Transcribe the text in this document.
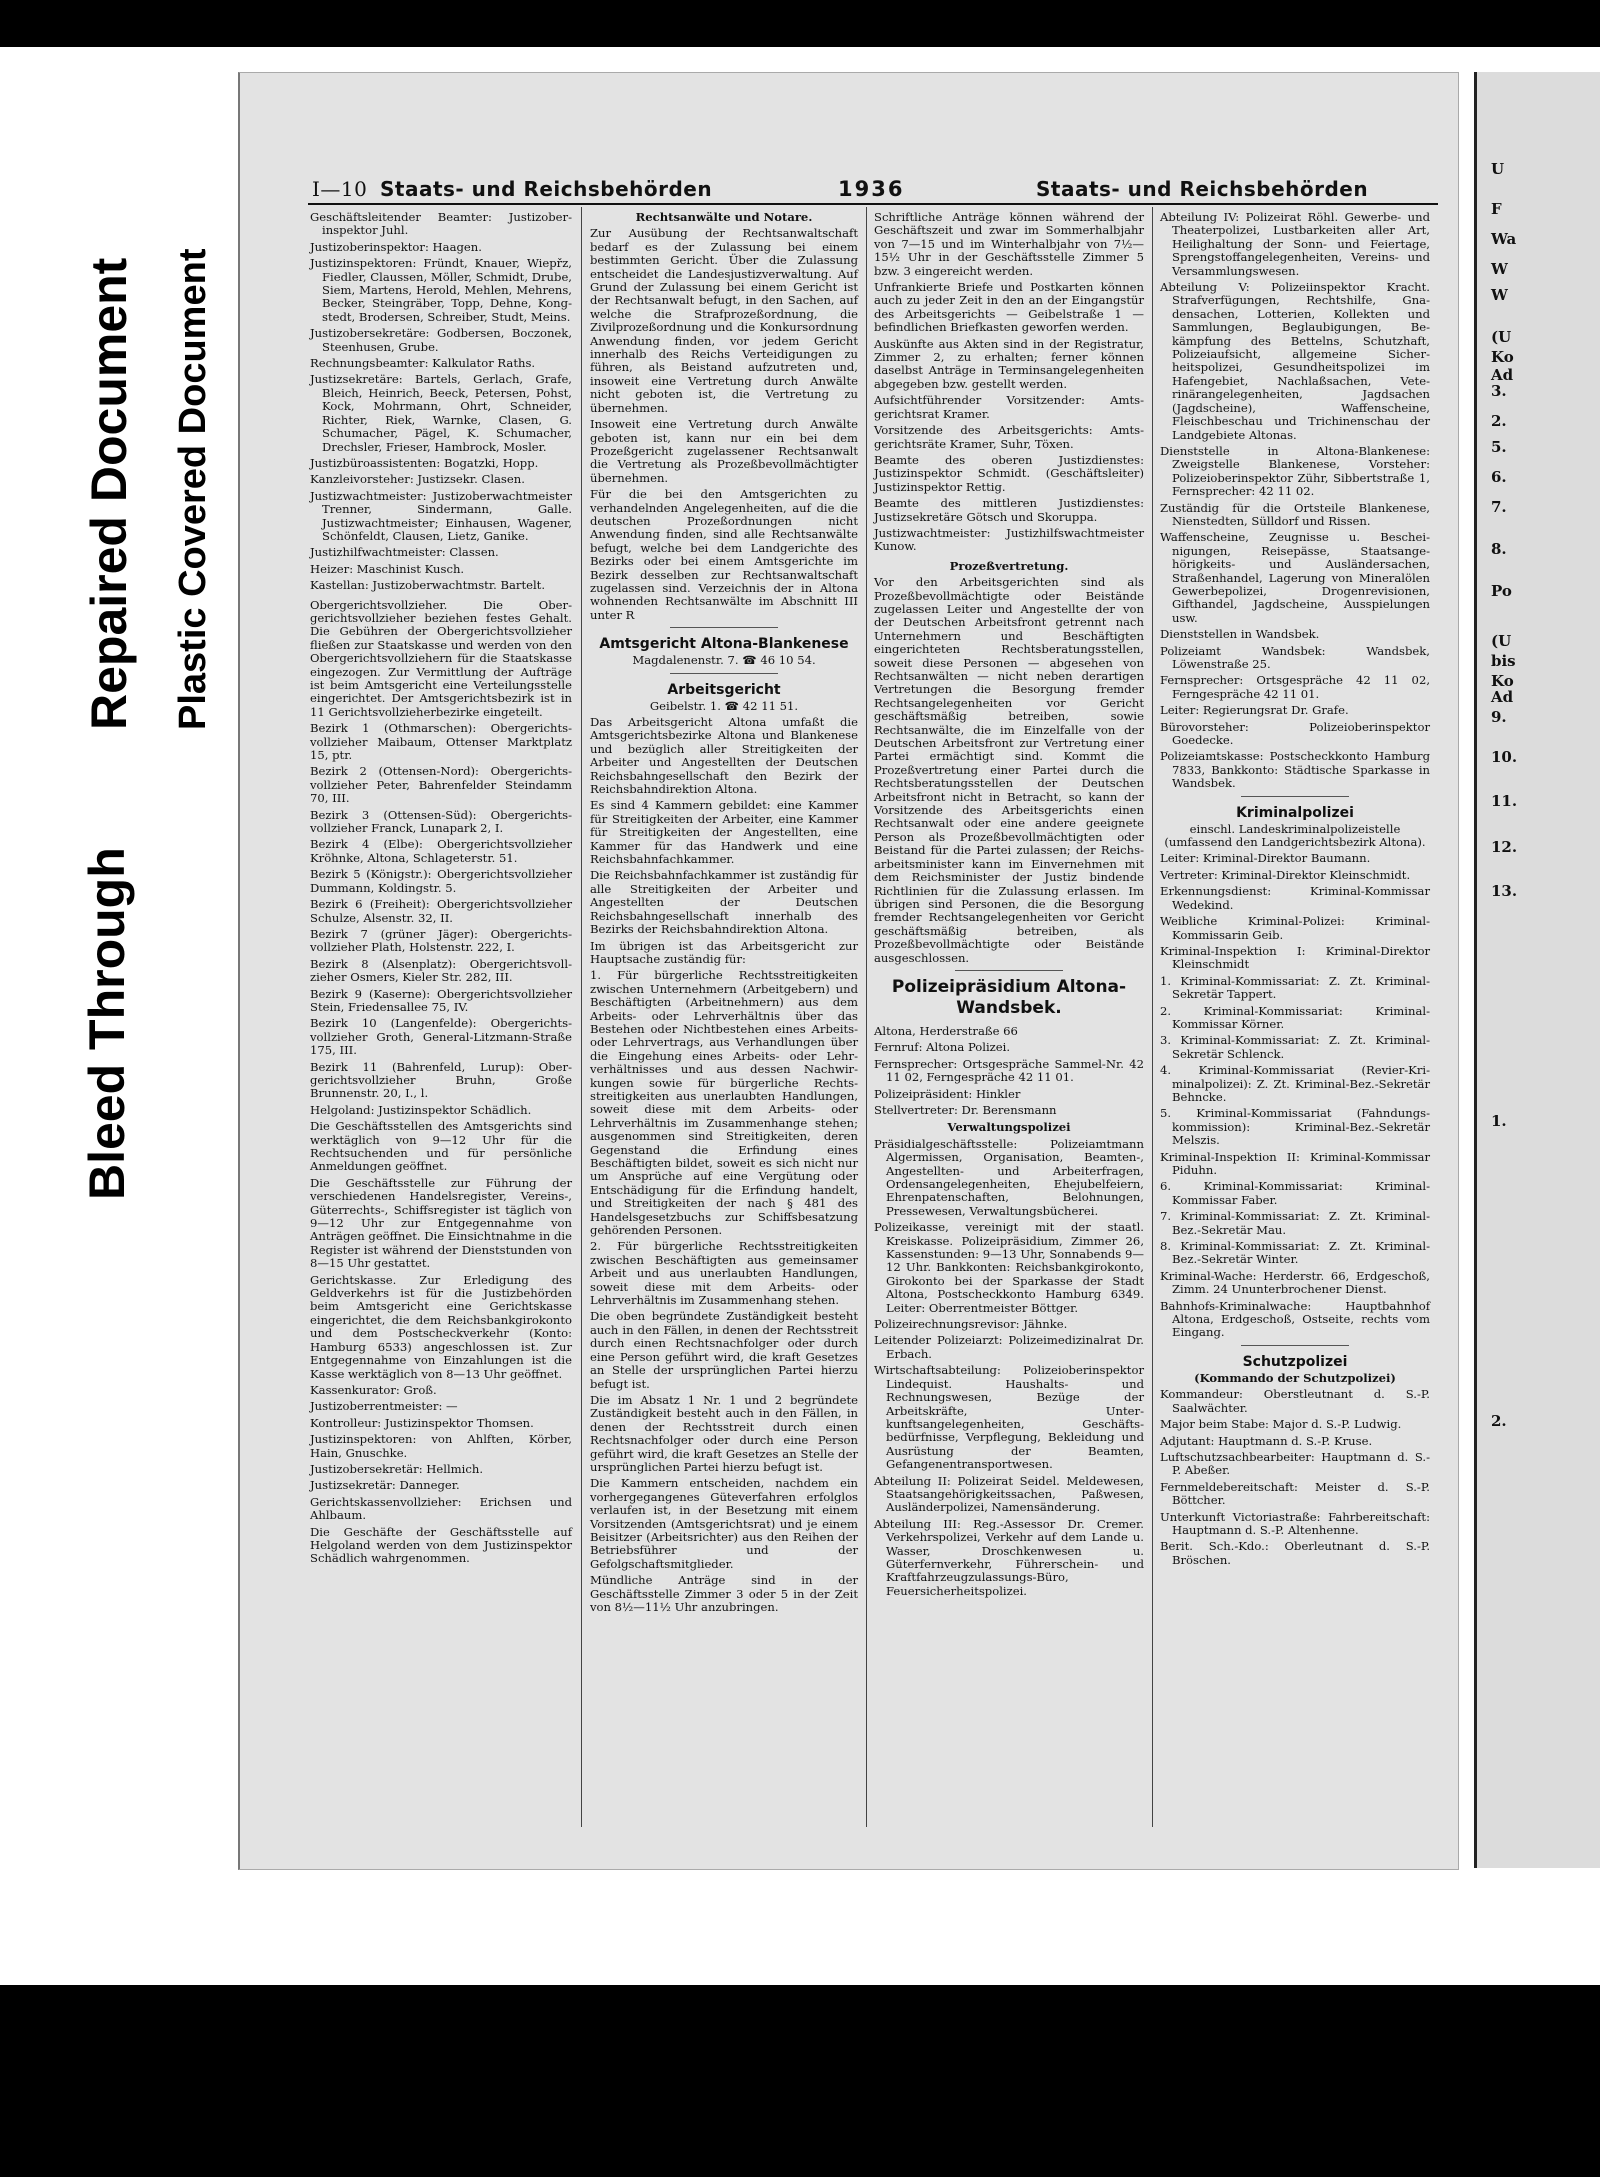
Bleed Through
Repaired Document Plastic Covered Document
I—10 Staats- und Reichsbehörden	1936	Staats- und Reichsbehörden

Geschäftsleitender Beamter: Justizoberinspektor Juhl.

Justizoberinspektor: Haagen.

Justizinspektoren: Fründt, Knauer, Wiepřz, Fiedler, Claussen, Möller, Schmidt, Drube, Siem, Martens, Herold, Mehlen, Mehrens, Becker, Steingräber, Topp, Dehne, Kongstedt, Brodersen, Schreiber, Studt, Meins.

Justizobersekretäre: Godbersen, Boczonek, Steenhusen, Grube.

Rechnungsbeamter: Kalkulator Raths.

Justizsekretäre: Bartels, Gerlach, Grafe, Bleich, Heinrich, Beeck, Petersen, Pohst, Kock, Mohrmann, Ohrt, Schneider, Richter, Riek, Warnke, Clasen, G. Schumacher, Pägel, K. Schumacher, Drechsler, Frieser, Hambrock, Mosler.

Justizbüroassistenten: Bogatzki, Hopp.

Kanzleivorsteher: Justizsekr. Clasen.

Justizwachtmeister: Justizoberwachtmeister Trenner, Sindermann, Galle. Justizwachtmeister; Einhausen, Wagener, Schönfeldt, Clausen, Lietz, Ganike.

Justizhilfwachtmeister: Classen.

Heizer: Maschinist Kusch.

Kastellan: Justizoberwachtmstr. Bartelt.

Obergerichtsvollzieher. Die Obergerichtsvollzieher beziehen festes Gehalt. Die Gebühren der Obergerichtsvollzieher fließen zur Staatskasse und werden von den Obergerichtsvollziehern für die Staatskasse eingezogen. Zur Vermittlung der Aufträge ist beim Amtsgericht eine Verteilungsstelle eingerichtet. Der Amtsgerichtsbezirk ist in 11 Gerichtsvollzieherbezirke eingeteilt.

Bezirk 1 (Othmarschen): Obergerichtsvollzieher Maibaum, Ottenser Marktplatz 15, ptr.

Bezirk 2 (Ottensen-Nord): Obergerichtsvollzieher Peter, Bahrenfelder Steindamm 70, III.

Bezirk 3 (Ottensen-Süd): Obergerichtsvollzieher Franck, Lunapark 2, I.

Bezirk 4 (Elbe): Obergerichtsvollzieher Kröhnke, Altona, Schlageterstr. 51.

Bezirk 5 (Königstr.): Obergerichtsvollzieher Dummann, Koldingstr. 5.

Bezirk 6 (Freiheit): Obergerichtsvollzieher Schulze, Alsenstr. 32, II.

Bezirk 7 (grüner Jäger): Obergerichtsvollzieher Plath, Holstenstr. 222, I.

Bezirk 8 (Alsenplatz): Obergerichtsvollzieher Osmers, Kieler Str. 282, III.

Bezirk 9 (Kaserne): Obergerichtsvollzieher Stein, Friedensallee 75, IV.

Bezirk 10 (Langenfelde): Obergerichtsvollzieher Groth, General-Litzmann-Straße 175, III.

Bezirk 11 (Bahrenfeld, Lurup): Obergerichtsvollzieher Bruhn, Große Brunnenstr. 20, I., l.

Helgoland: Justizinspektor Schädlich.

Die Geschäftsstellen des Amtsgerichts sind werktäglich von 9—12 Uhr für die Rechtsuchenden und für persönliche Anmeldungen geöffnet.

Die Geschäftsstelle zur Führung der verschiedenen Handelsregister, Vereins-, Güterrechts-, Schiffsregister ist täglich von 9—12 Uhr zur Entgegennahme von Anträgen geöffnet. Die Einsichtnahme in die Register ist während der Dienststunden von 8—15 Uhr gestattet.

Gerichtskasse. Zur Erledigung des Geldverkehrs ist für die Justizbehörden beim Amtsgericht eine Gerichtskasse eingerichtet, die dem Reichsbankgirokonto und dem Postscheckverkehr (Konto: Hamburg 6533) angeschlossen ist. Zur Entgegennahme von Einzahlungen ist die Kasse werktäglich von 8—13 Uhr geöffnet.

Kassenkurator: Groß.

Justizoberrentmeister: —

Kontrolleur: Justizinspektor Thomsen.

Justizinspektoren: von Ahlften, Körber, Hain, Gnuschke.

Justizobersekretär: Hellmich.

Justizsekretär: Danneger.

Gerichtskassenvollzieher: Erichsen und Ahlbaum.

Die Geschäfte der Geschäftsstelle auf Helgoland werden von dem Justizinspektor Schädlich wahrgenommen.

Rechtsanwälte und Notare.

Zur Ausübung der Rechtsanwaltschaft bedarf es der Zulassung bei einem bestimmten Gericht. Über die Zulassung entscheidet die Landesjustizverwaltung. Auf Grund der Zulassung bei einem Gericht ist der Rechtsanwalt befugt, in den Sachen, auf welche die Strafprozeßordnung, die Zivilprozeßordnung und die Konkursordnung Anwendung finden, vor jedem Gericht innerhalb des Reichs Verteidigungen zu führen, als Beistand aufzutreten und, insoweit eine Vertretung durch Anwälte nicht geboten ist, die Vertretung zu übernehmen.

Insoweit eine Vertretung durch Anwälte geboten ist, kann nur ein bei dem Prozeßgericht zugelassener Rechtsanwalt die Vertretung als Prozeßbevollmächtigter übernehmen.

Für die bei den Amtsgerichten zu verhandelnden Angelegenheiten, auf die die deutschen Prozeßordnungen nicht Anwendung finden, sind alle Rechtsanwälte befugt, welche bei dem Landgerichte des Bezirks oder bei einem Amtsgerichte im Bezirk desselben zur Rechtsanwaltschaft zugelassen sind. Verzeichnis der in Altona wohnenden Rechtsanwälte im Abschnitt III unter R

Amtsgericht Altona-Blankenese

Magdalenenstr. 7. ☎ 46 10 54.

Arbeitsgericht

Geibelstr. 1. ☎ 42 11 51.

Das Arbeitsgericht Altona umfaßt die Amtsgerichtsbezirke Altona und Blankenese und bezüglich aller Streitigkeiten der Arbeiter und Angestellten der Deutschen Reichsbahngesellschaft den Bezirk der Reichsbahndirektion Altona.

Es sind 4 Kammern gebildet: eine Kammer für Streitigkeiten der Arbeiter, eine Kammer für Streitigkeiten der Angestellten, eine Kammer für das Handwerk und eine Reichsbahnfachkammer.

Die Reichsbahnfachkammer ist zuständig für alle Streitigkeiten der Arbeiter und Angestellten der Deutschen Reichsbahngesellschaft innerhalb des Bezirks der Reichsbahndirektion Altona.

Im übrigen ist das Arbeitsgericht zur Hauptsache zuständig für:

1. Für bürgerliche Rechtsstreitigkeiten zwischen Unternehmern (Arbeitgebern) und Beschäftigten (Arbeitnehmern) aus dem Arbeits- oder Lehrverhältnis über das Bestehen oder Nichtbestehen eines Arbeits- oder Lehrvertrags, aus Verhandlungen über die Eingehung eines Arbeits- oder Lehrverhältnisses und aus dessen Nachwirkungen sowie für bürgerliche Rechtsstreitigkeiten aus unerlaubten Handlungen, soweit diese mit dem Arbeits- oder Lehrverhältnis im Zusammenhange stehen; ausgenommen sind Streitigkeiten, deren Gegenstand die Erfindung eines Beschäftigten bildet, soweit es sich nicht nur um Ansprüche auf eine Vergütung oder Entschädigung für die Erfindung handelt, und Streitigkeiten der nach § 481 des Handelsgesetzbuchs zur Schiffsbesatzung gehörenden Personen.

2. Für bürgerliche Rechtsstreitigkeiten zwischen Beschäftigten aus gemeinsamer Arbeit und aus unerlaubten Handlungen, soweit diese mit dem Arbeits- oder Lehrverhältnis im Zusammenhang stehen.

Die oben begründete Zuständigkeit besteht auch in den Fällen, in denen der Rechtsstreit durch einen Rechtsnachfolger oder durch eine Person geführt wird, die kraft Gesetzes an Stelle der ursprünglichen Partei hierzu befugt ist.

Die im Absatz 1 Nr. 1 und 2 begründete Zuständigkeit besteht auch in den Fällen, in denen der Rechtsstreit durch einen Rechtsnachfolger oder durch eine Person geführt wird, die kraft Gesetzes an Stelle der ursprünglichen Partei hierzu befugt ist.

Die Kammern entscheiden, nachdem ein vorhergegangenes Güteverfahren erfolglos verlaufen ist, in der Besetzung mit einem Vorsitzenden (Amtsgerichtsrat) und je einem Beisitzer (Arbeitsrichter) aus den Reihen der Betriebsführer und der Gefolgschaftsmitglieder.

Mündliche Anträge sind in der Geschäftsstelle Zimmer 3 oder 5 in der Zeit von 8½—11½ Uhr anzubringen.

Schriftliche Anträge können während der Geschäftszeit und zwar im Sommerhalbjahr von 7—15 und im Winterhalbjahr von 7½—15½ Uhr in der Geschäftsstelle Zimmer 5 bzw. 3 eingereicht werden.

Unfrankierte Briefe und Postkarten können auch zu jeder Zeit in den an der Eingangstür des Arbeitsgerichts — Geibelstraße 1 — befindlichen Briefkasten geworfen werden.

Auskünfte aus Akten sind in der Registratur, Zimmer 2, zu erhalten; ferner können daselbst Anträge in Terminsangelegenheiten abgegeben bzw. gestellt werden.

Aufsichtführender Vorsitzender: Amtsgerichtsrat Kramer.

Vorsitzende des Arbeitsgerichts: Amtsgerichtsräte Kramer, Suhr, Töxen.

Beamte des oberen Justizdienstes: Justizinspektor Schmidt. (Geschäftsleiter) Justizinspektor Rettig.

Beamte des mittleren Justizdienstes: Justizsekretäre Götsch und Skoruppa.

Justizwachtmeister: Justizhilfswachtmeister Kunow.

Prozeßvertretung.

Vor den Arbeitsgerichten sind als Prozeßbevollmächtigte oder Beistände zugelassen Leiter und Angestellte der von der Deutschen Arbeitsfront getrennt nach Unternehmern und Beschäftigten eingerichteten Rechtsberatungsstellen, soweit diese Personen — abgesehen von Rechtsanwälten — nicht neben derartigen Vertretungen die Besorgung fremder Rechtsangelegenheiten vor Gericht geschäftsmäßig betreiben, sowie Rechtsanwälte, die im Einzelfalle von der Deutschen Arbeitsfront zur Vertretung einer Partei ermächtigt sind. Kommt die Prozeßvertretung einer Partei durch die Rechtsberatungsstellen der Deutschen Arbeitsfront nicht in Betracht, so kann der Vorsitzende des Arbeitsgerichts einen Rechtsanwalt oder eine andere geeignete Person als Prozeßbevollmächtigten oder Beistand für die Partei zulassen; der Reichsarbeitsminister kann im Einvernehmen mit dem Reichsminister der Justiz bindende Richtlinien für die Zulassung erlassen. Im übrigen sind Personen, die die Besorgung fremder Rechtsangelegenheiten vor Gericht geschäftsmäßig betreiben, als Prozeßbevollmächtigte oder Beistände ausgeschlossen.

Polizeipräsidium Altona-Wandsbek.

Altona, Herderstraße 66

Fernruf: Altona Polizei.

Fernsprecher: Ortsgespräche Sammel-Nr. 42 11 02, Ferngespräche 42 11 01.

Polizeipräsident: Hinkler

Stellvertreter: Dr. Berensmann

Verwaltungspolizei

Präsidialgeschäftsstelle: Polizeiamtmann Algermissen, Organisation, Beamten-, Angestellten- und Arbeiterfragen, Ordensangelegenheiten, Ehejubelfeiern, Ehrenpatenschaften, Belohnungen, Pressewesen, Verwaltungsbücherei.

Polizeikasse, vereinigt mit der staatl. Kreiskasse. Polizeipräsidium, Zimmer 26, Kassenstunden: 9—13 Uhr, Sonnabends 9—12 Uhr. Bankkonten: Reichsbankgirokonto, Girokonto bei der Sparkasse der Stadt Altona, Postscheckkonto Hamburg 6349. Leiter: Oberrentmeister Böttger.

Polizeirechnungsrevisor: Jähnke.

Leitender Polizeiarzt: Polizeimedizinalrat Dr. Erbach.

Wirtschaftsabteilung: Polizeioberinspektor Lindequist. Haushalts- und Rechnungswesen, Bezüge der Arbeitskräfte, Unterkunftsangelegenheiten, Geschäftsbedürfnisse, Verpflegung, Bekleidung und Ausrüstung der Beamten, Gefangenentransportwesen.

Abteilung II: Polizeirat Seidel. Meldewesen, Staatsangehörigkeitssachen, Paßwesen, Ausländerpolizei, Namensänderung.

Abteilung III: Reg.-Assessor Dr. Cremer. Verkehrspolizei, Verkehr auf dem Lande u. Wasser, Droschkenwesen u. Güterfernverkehr, Führerschein- und Kraftfahrzeugzulassungs-Büro, Feuersicherheitspolizei.

Abteilung IV: Polizeirat Röhl. Gewerbe- und Theaterpolizei, Lustbarkeiten aller Art, Heilighaltung der Sonn- und Feiertage, Sprengstoffangelegenheiten, Vereins- und Versammlungswesen.

Abteilung V: Polizeiinspektor Kracht. Strafverfügungen, Rechtshilfe, Gnadensachen, Lotterien, Kollekten und Sammlungen, Beglaubigungen, Bekämpfung des Bettelns, Schutzhaft, Polizeiaufsicht, allgemeine Sicherheitspolizei, Gesundheitspolizei im Hafengebiet, Nachlaßsachen, Veterinärangelegenheiten, Jagdsachen (Jagdscheine), Waffenscheine, Fleischbeschau und Trichinenschau der Landgebiete Altonas.

Dienststelle in Altona-Blankenese: Zweigstelle Blankenese, Vorsteher: Polizeioberinspektor Zühr, Sibbertstraße 1, Fernsprecher: 42 11 02.

Zuständig für die Ortsteile Blankenese, Nienstedten, Sülldorf und Rissen.

Waffenscheine, Zeugnisse u. Bescheinigungen, Reisepässe, Staatsangehörigkeits- und Ausländersachen, Straßenhandel, Lagerung von Mineralölen Gewerbepolizei, Drogenrevisionen, Gifthandel, Jagdscheine, Ausspielungen usw.

Dienststellen in Wandsbek.

Polizeiamt Wandsbek: Wandsbek, Löwenstraße 25.

Fernsprecher: Ortsgespräche 42 11 02, Ferngespräche 42 11 01.

Leiter: Regierungsrat Dr. Grafe.

Bürovorsteher: Polizeioberinspektor Goedecke.

Polizeiamtskasse: Postscheckkonto Hamburg 7833, Bankkonto: Städtische Sparkasse in Wandsbek.

Kriminalpolizei

einschl. Landeskriminalpolizeistelle (umfassend den Landgerichtsbezirk Altona).

Leiter: Kriminal-Direktor Baumann.

Vertreter: Kriminal-Direktor Kleinschmidt.

Erkennungsdienst: Kriminal-Kommissar Wedekind.

Weibliche Kriminal-Polizei: Kriminal-Kommissarin Geib.

Kriminal-Inspektion I: Kriminal-Direktor Kleinschmidt

1. Kriminal-Kommissariat: Z. Zt. Kriminal-Sekretär Tappert.

2. Kriminal-Kommissariat: Kriminal-Kommissar Körner.

3. Kriminal-Kommissariat: Z. Zt. Kriminal-Sekretär Schlenck.

4. Kriminal-Kommissariat (Revier-Kriminalpolizei): Z. Zt. Kriminal-Bez.-Sekretär Behncke.

5. Kriminal-Kommissariat (Fahndungskommission): Kriminal-Bez.-Sekretär Melszis.

Kriminal-Inspektion II: Kriminal-Kommissar Piduhn.

6. Kriminal-Kommissariat: Kriminal-Kommissar Faber.

7. Kriminal-Kommissariat: Z. Zt. Kriminal-Bez.-Sekretär Mau.

8. Kriminal-Kommissariat: Z. Zt. Kriminal-Bez.-Sekretär Winter.

Kriminal-Wache: Herderstr. 66, Erdgeschoß, Zimm. 24 Ununterbrochener Dienst.

Bahnhofs-Kriminalwache: Hauptbahnhof Altona, Erdgeschoß, Ostseite, rechts vom Eingang.

Schutzpolizei

(Kommando der Schutzpolizei)

Kommandeur: Oberstleutnant d. S.-P. Saalwächter.

Major beim Stabe: Major d. S.-P. Ludwig.

Adjutant: Hauptmann d. S.-P. Kruse.

Luftschutzsachbearbeiter: Hauptmann d. S.-P. Abeßer.

Fernmeldebereitschaft: Meister d. S.-P. Böttcher.

Unterkunft Victoriastraße: Fahrbereitschaft: Hauptmann d. S.-P. Altenhenne.

Berit. Sch.-Kdo.: Oberleutnant d. S.-P. Bröschen.

U
F
Wa
W
W
(U
Ko
Ad
3.
2.
5.
6.
7.
8.
Po
(U
bis
Ko
Ad
9.
10.
11.
12.
13.
1.
2.
